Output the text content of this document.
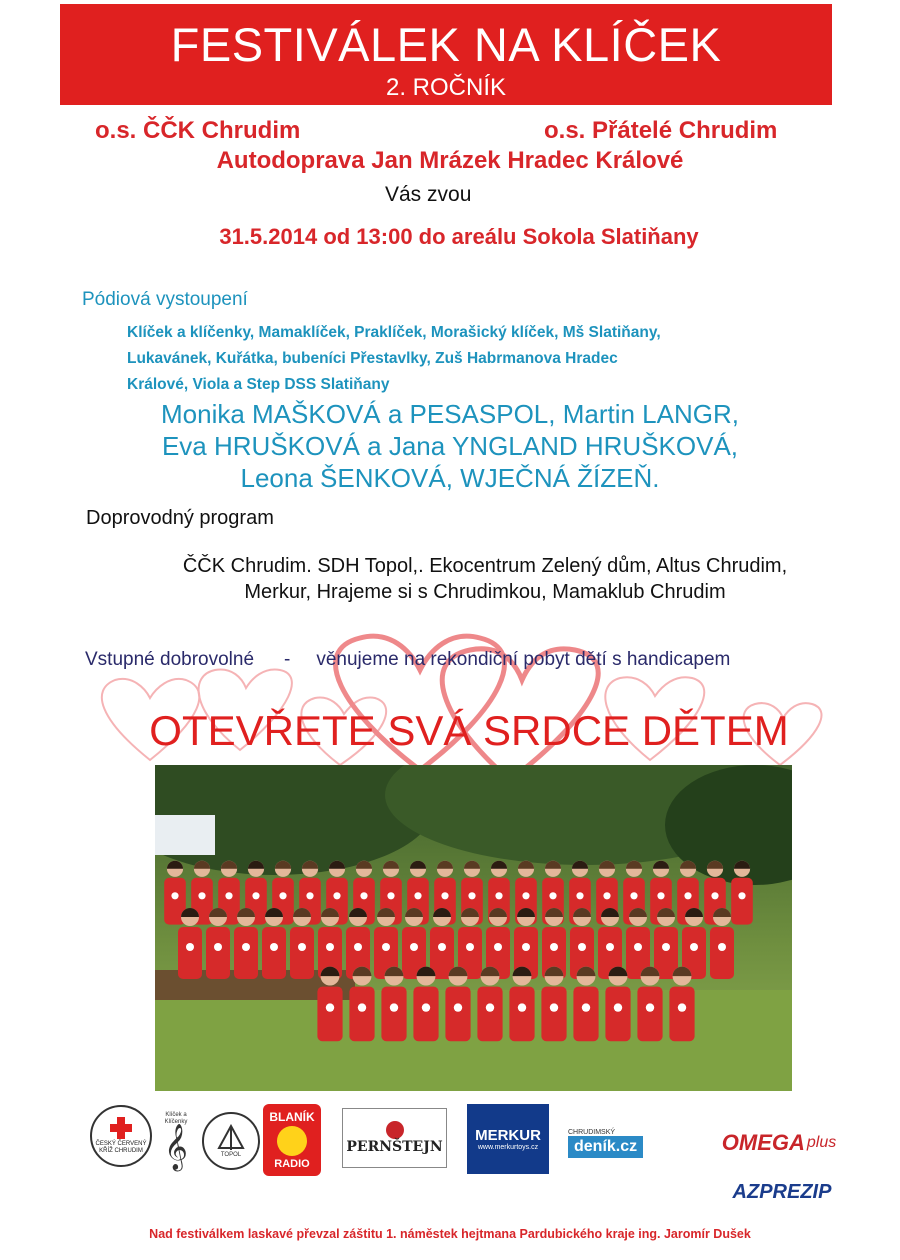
FESTIVÁLEK NA KLÍČEK
2. ROČNÍK
o.s. ČČK Chrudim	o.s. Přátelé Chrudim
Autodoprava Jan Mrázek Hradec Králové
Vás zvou
31.5.2014 od 13:00 do areálu Sokola Slatiňany
Pódiová vystoupení
Klíček a klíčenky, Mamaklíček, Praklíček, Morašický klíček, Mš Slatiňany,
Lukavánek, Kuřátka, bubeníci Přestavlky, Zuš Habrmanova Hradec
Králové, Viola a Step DSS Slatiňany
Monika MAŠKOVÁ a PESASPOL, Martin LANGR,
Eva HRUŠKOVÁ a Jana YNGLAND HRUŠKOVÁ,
Leona ŠENKOVÁ, WJEČNÁ ŽÍZEŇ.
Doprovodný program
ČČK Chrudim. SDH Topol,. Ekocentrum Zelený dům, Altus Chrudim,
Merkur, Hrajeme si s Chrudimkou, Mamaklub Chrudim
Vstupné dobrovolné - věnujeme na rekondiční pobyt dětí s handicapem
OTEVŘETE SVÁ SRDCE DĚTEM
ČESKÝ ČERVENÝ KŘÍŽ CHRUDIM
Klíček a Klíčenky
𝄞	TOPOL
BLANÍK
RADIO
PERNŠTEJN
MERKUR
www.merkurtoys.cz
CHRUDIMSKÝ
deník.cz	OMEGA plus
AZPREZIP
Nad festiválkem laskavé převzal záštitu 1. náměstek hejtmana Pardubického kraje ing. Jaromír Dušek
